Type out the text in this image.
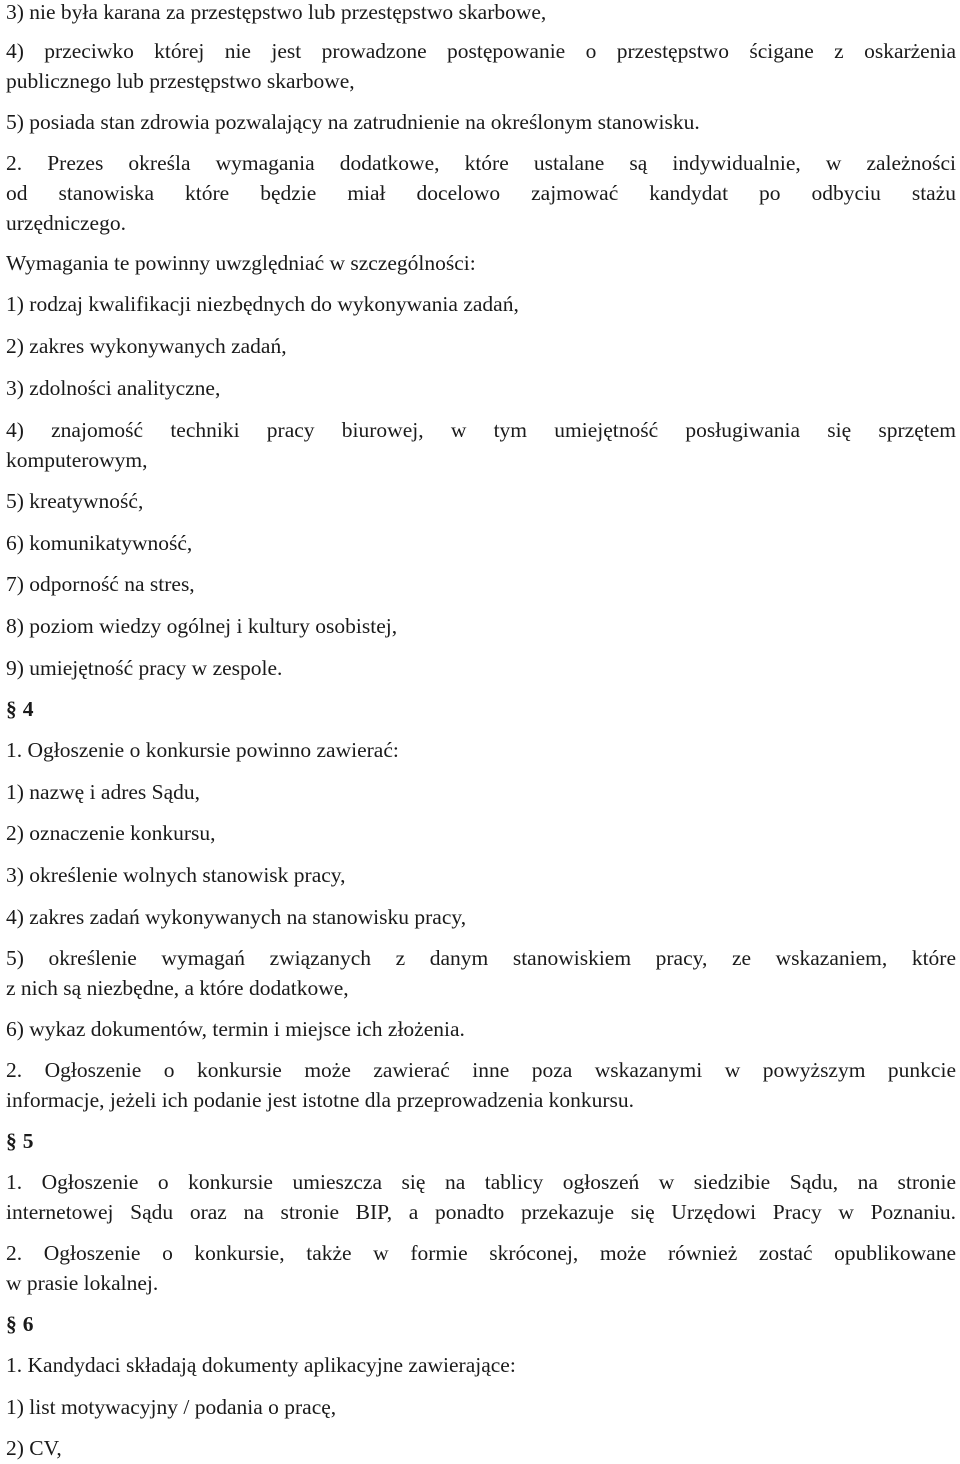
3) nie była karana za przestępstwo lub przestępstwo skarbowe,

4) przeciwko której nie jest prowadzone postępowanie o przestępstwo ścigane z oskarżenia

publicznego lub przestępstwo skarbowe,

5) posiada stan zdrowia pozwalający na zatrudnienie na określonym stanowisku.

2. Prezes określa wymagania dodatkowe, które ustalane są indywidualnie, w zależności

od stanowiska które będzie miał docelowo zajmować kandydat po odbyciu stażu

urzędniczego.

Wymagania te powinny uwzględniać w szczególności:

1) rodzaj kwalifikacji niezbędnych do wykonywania zadań,

2) zakres wykonywanych zadań,

3) zdolności analityczne,

4) znajomość techniki pracy biurowej, w tym umiejętność posługiwania się sprzętem

komputerowym,

5) kreatywność,

6) komunikatywność,

7) odporność na stres,

8) poziom wiedzy ogólnej i kultury osobistej,

9) umiejętność pracy w zespole.

§ 4

1. Ogłoszenie o konkursie powinno zawierać:

1) nazwę i adres Sądu,

2) oznaczenie konkursu,

3) określenie wolnych stanowisk pracy,

4) zakres zadań wykonywanych na stanowisku pracy,

5) określenie wymagań związanych z danym stanowiskiem pracy, ze wskazaniem, które

z nich są niezbędne, a które dodatkowe,

6) wykaz dokumentów, termin i miejsce ich złożenia.

2. Ogłoszenie o konkursie może zawierać inne poza wskazanymi w powyższym punkcie

informacje, jeżeli ich podanie jest istotne dla przeprowadzenia konkursu.

§ 5

1. Ogłoszenie o konkursie umieszcza się na tablicy ogłoszeń w siedzibie Sądu, na stronie

internetowej Sądu oraz na stronie BIP, a ponadto przekazuje się Urzędowi Pracy w Poznaniu.

2. Ogłoszenie o konkursie, także w formie skróconej, może również zostać opublikowane

w prasie lokalnej.

§ 6

1. Kandydaci składają dokumenty aplikacyjne zawierające:

1) list motywacyjny / podania o pracę,

2) CV,
